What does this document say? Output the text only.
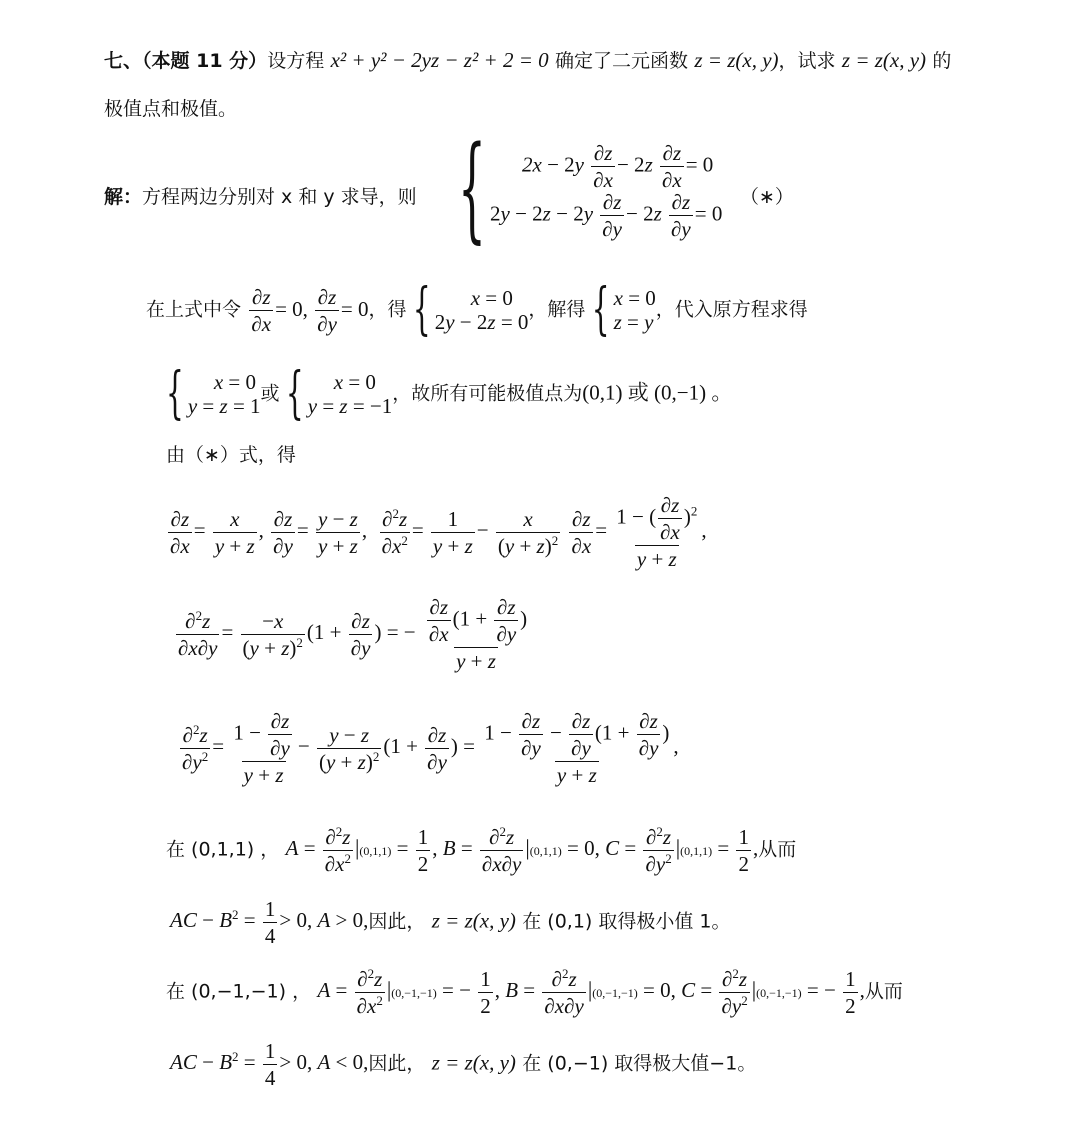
七、（本题 11 分）设方程 x² + y² − 2yz − z² + 2 = 0 确定了二元函数 z = z(x, y)，试求 z = z(x, y) 的
极值点和极值。
解：方程两边分别对 x 和 y 求导，则 {	$2x - 2y \frac{\partial z}{\partial x} - 2z \frac{\partial z}{\partial x} = 0$
$2y - 2z - 2y \frac{\partial z}{\partial y} - 2z \frac{\partial z}{\partial y} = 0$
（∗）
在上式中令 $\frac{\partial z}{\partial x} = 0$, $\frac{\partial z}{\partial y} = 0$，得 {	x = 0
2y − 2z = 0
，解得 { x = 0
z = y
，代入原方程求得
{	x = 0
y = z = 1
或 {	x = 0
y = z = −1
，故所有可能极值点为(0,1) 或 (0,−1) 。
由（∗）式，得
$\frac{\partial z}{\partial x} = \frac{x}{y + z}$ , $\frac{\partial z}{\partial y} = \frac{y - z}{y + z}$ , $\frac{\partial^2z}{\partial x^2} = \frac{1}{y + z} - \frac{x}{(y + z)^2}$
$\frac{\partial z}{\partial x} = \frac{1 - ( \frac{\partial z}{\partial x} )^2}{y + z}$ ,
$\frac{\partial^2z}{\partial x\partial y} = \frac{-x}{(y + z)^2} (1 + \frac{\partial z}{\partial y}$ ) = − $\frac{\frac{\partial z}{\partial x} (1 + \frac{\partial z}{\partial y} )}{y + z}$
$\frac{\partial^2z}{\partial y^2} = \frac{1 - \frac{\partial z}{\partial y}}{y + z} - \frac{y - z}{(y + z)^2} (1 + \frac{\partial z}{\partial y}$ ) = $\frac{1 - \frac{\partial z}{\partial y} - \frac{\partial z}{\partial y} (1 + \frac{\partial z}{\partial y} )}{y + z}$ ,
在 (0,1,1) ， $A = \frac{\partial^2z}{\partial x^2} |(0,1,1) = \frac{1}{2}$ , $B = \frac{\partial^2z}{\partial x\partial y} |(0,1,1) = 0$, $C = \frac{\partial^2z}{\partial y^2} |(0,1,1) = \frac{1}{2}$ ,从而
AC − $B^2 = \frac{1}{4} > 0$, A > 0,因此， z = z(x, y) 在 (0,1) 取得极小值 1。
在 (0,−1,−1) ， $A = \frac{\partial^2z}{\partial x^2} |(0,-1,-1)$ = − $\frac{1}{2}$ , $B = \frac{\partial^2z}{\partial x\partial y} |(0,-1,-1) = 0$, $C = \frac{\partial^2z}{\partial y^2} |(0,-1,-1)$ = − $\frac{1}{2}$ ,从而
AC − $B^2 = \frac{1}{4} > 0$, A < 0,因此， z = z(x, y) 在 (0,−1) 取得极大值−1。
